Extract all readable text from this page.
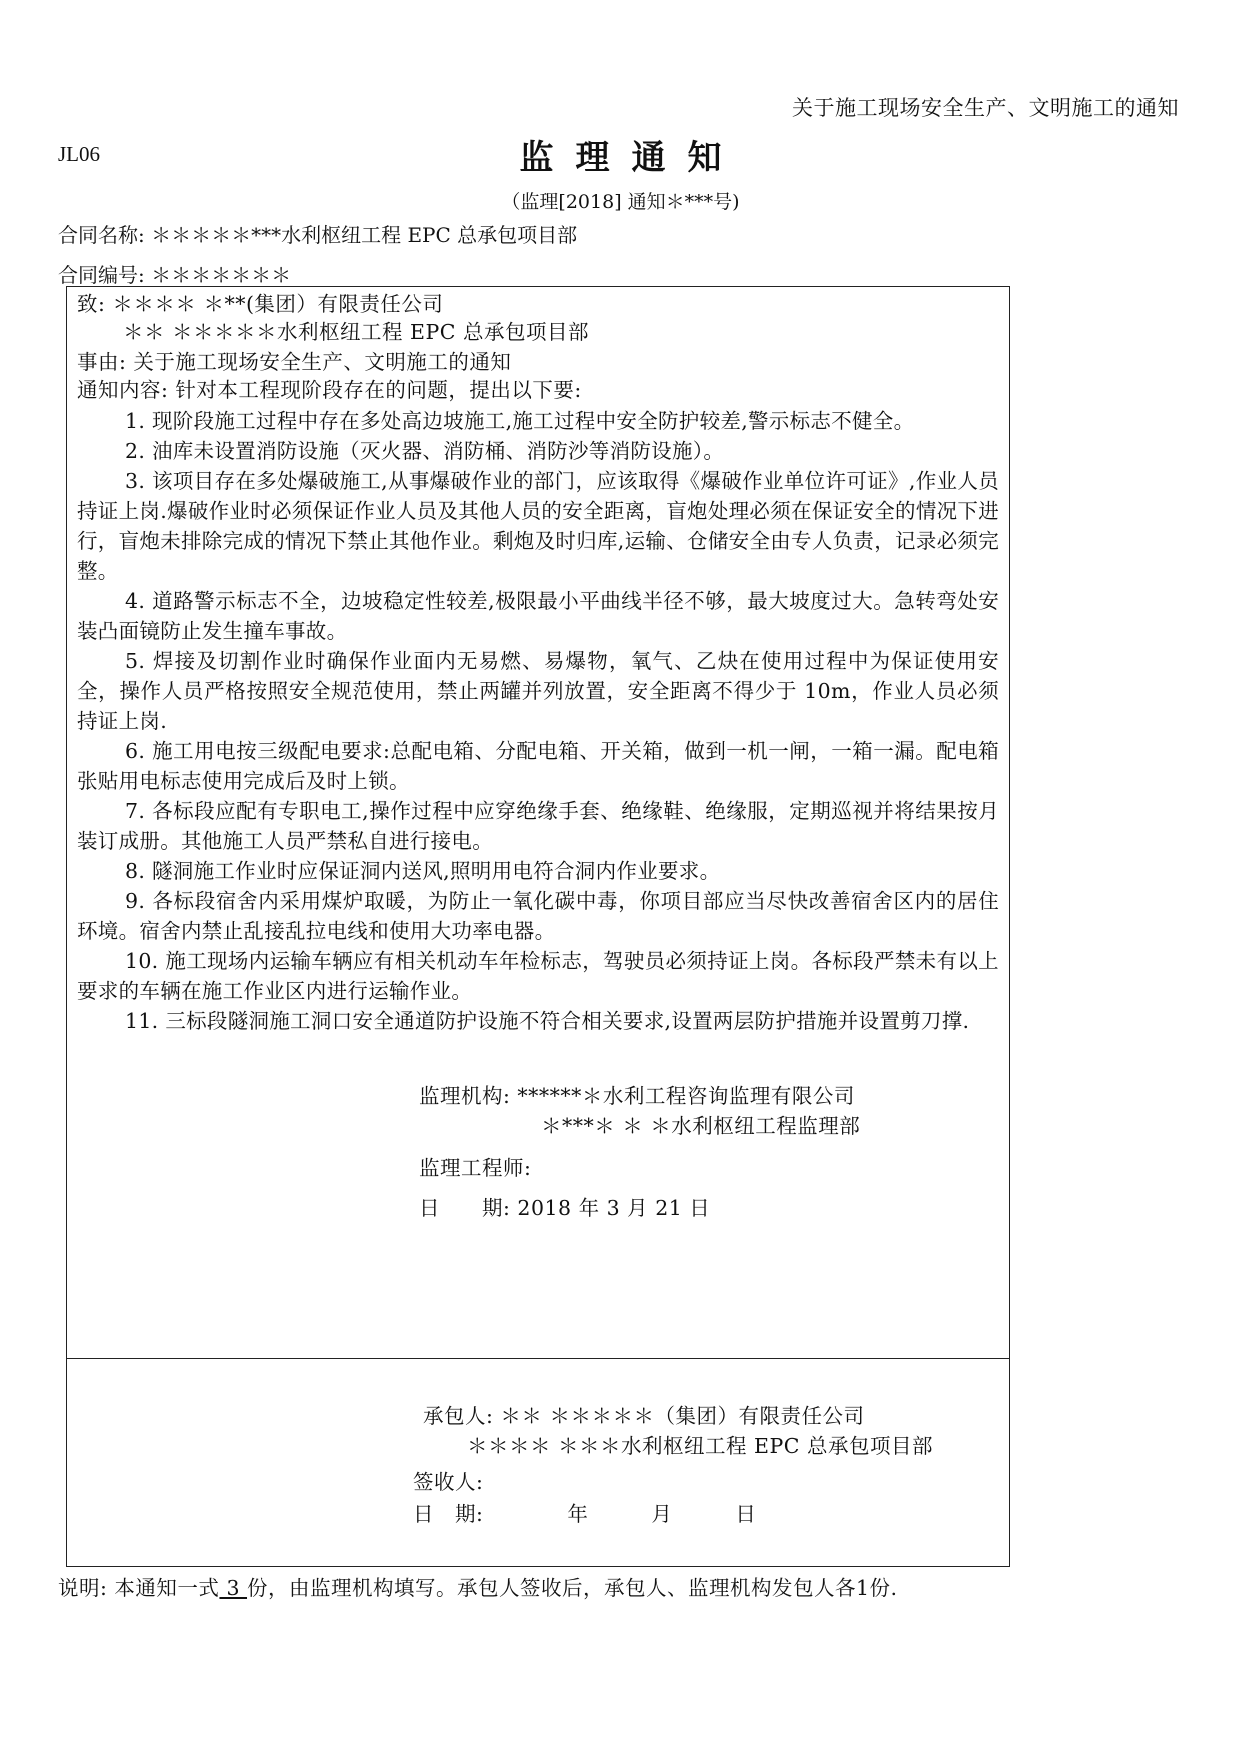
关于施工现场安全生产、文明施工的通知
JL06	监理通知
（监理[2018] 通知＊***号)
合同名称: ＊＊＊＊＊***水利枢纽工程 EPC 总承包项目部
合同编号: ＊＊＊＊＊＊＊
致: ＊＊＊＊ ＊**(集团）有限责任公司
＊＊ ＊＊＊＊＊水利枢纽工程 EPC 总承包项目部
事由: 关于施工现场安全生产、文明施工的通知
通知内容: 针对本工程现阶段存在的问题，提出以下要:

1. 现阶段施工过程中存在多处高边坡施工,施工过程中安全防护较差,警示标志不健全。

2. 油库未设置消防设施（灭火器、消防桶、消防沙等消防设施）。

3. 该项目存在多处爆破施工,从事爆破作业的部门，应该取得《爆破作业单位许可证》,作业人员持证上岗.爆破作业时必须保证作业人员及其他人员的安全距离，盲炮处理必须在保证安全的情况下进行，盲炮未排除完成的情况下禁止其他作业。剩炮及时归库,运输、仓储安全由专人负责，记录必须完整。

4. 道路警示标志不全，边坡稳定性较差,极限最小平曲线半径不够，最大坡度过大。急转弯处安装凸面镜防止发生撞车事故。

5. 焊接及切割作业时确保作业面内无易燃、易爆物，氧气、乙炔在使用过程中为保证使用安全，操作人员严格按照安全规范使用，禁止两罐并列放置，安全距离不得少于 10m，作业人员必须持证上岗.

6. 施工用电按三级配电要求:总配电箱、分配电箱、开关箱，做到一机一闸，一箱一漏。配电箱张贴用电标志使用完成后及时上锁。

7. 各标段应配有专职电工,操作过程中应穿绝缘手套、绝缘鞋、绝缘服，定期巡视并将结果按月装订成册。其他施工人员严禁私自进行接电。

8. 隧洞施工作业时应保证洞内送风,照明用电符合洞内作业要求。

9. 各标段宿舍内采用煤炉取暖，为防止一氧化碳中毒，你项目部应当尽快改善宿舍区内的居住环境。宿舍内禁止乱接乱拉电线和使用大功率电器。

10. 施工现场内运输车辆应有相关机动车年检标志，驾驶员必须持证上岗。各标段严禁未有以上要求的车辆在施工作业区内进行运输作业。

11. 三标段隧洞施工洞口安全通道防护设施不符合相关要求,设置两层防护措施并设置剪刀撑.

监理机构: ******＊水利工程咨询监理有限公司
＊***＊ ＊ ＊水利枢纽工程监理部
监理工程师:
日　　期: 2018 年 3 月 21 日
承包人: ＊＊ ＊＊＊＊＊（集团）有限责任公司
＊＊＊＊ ＊＊＊水利枢纽工程 EPC 总承包项目部
签收人:
日　期:　　　　年　　　月　　　日
说明: 本通知一式 3 份，由监理机构填写。承包人签收后，承包人、监理机构发包人各1份.
